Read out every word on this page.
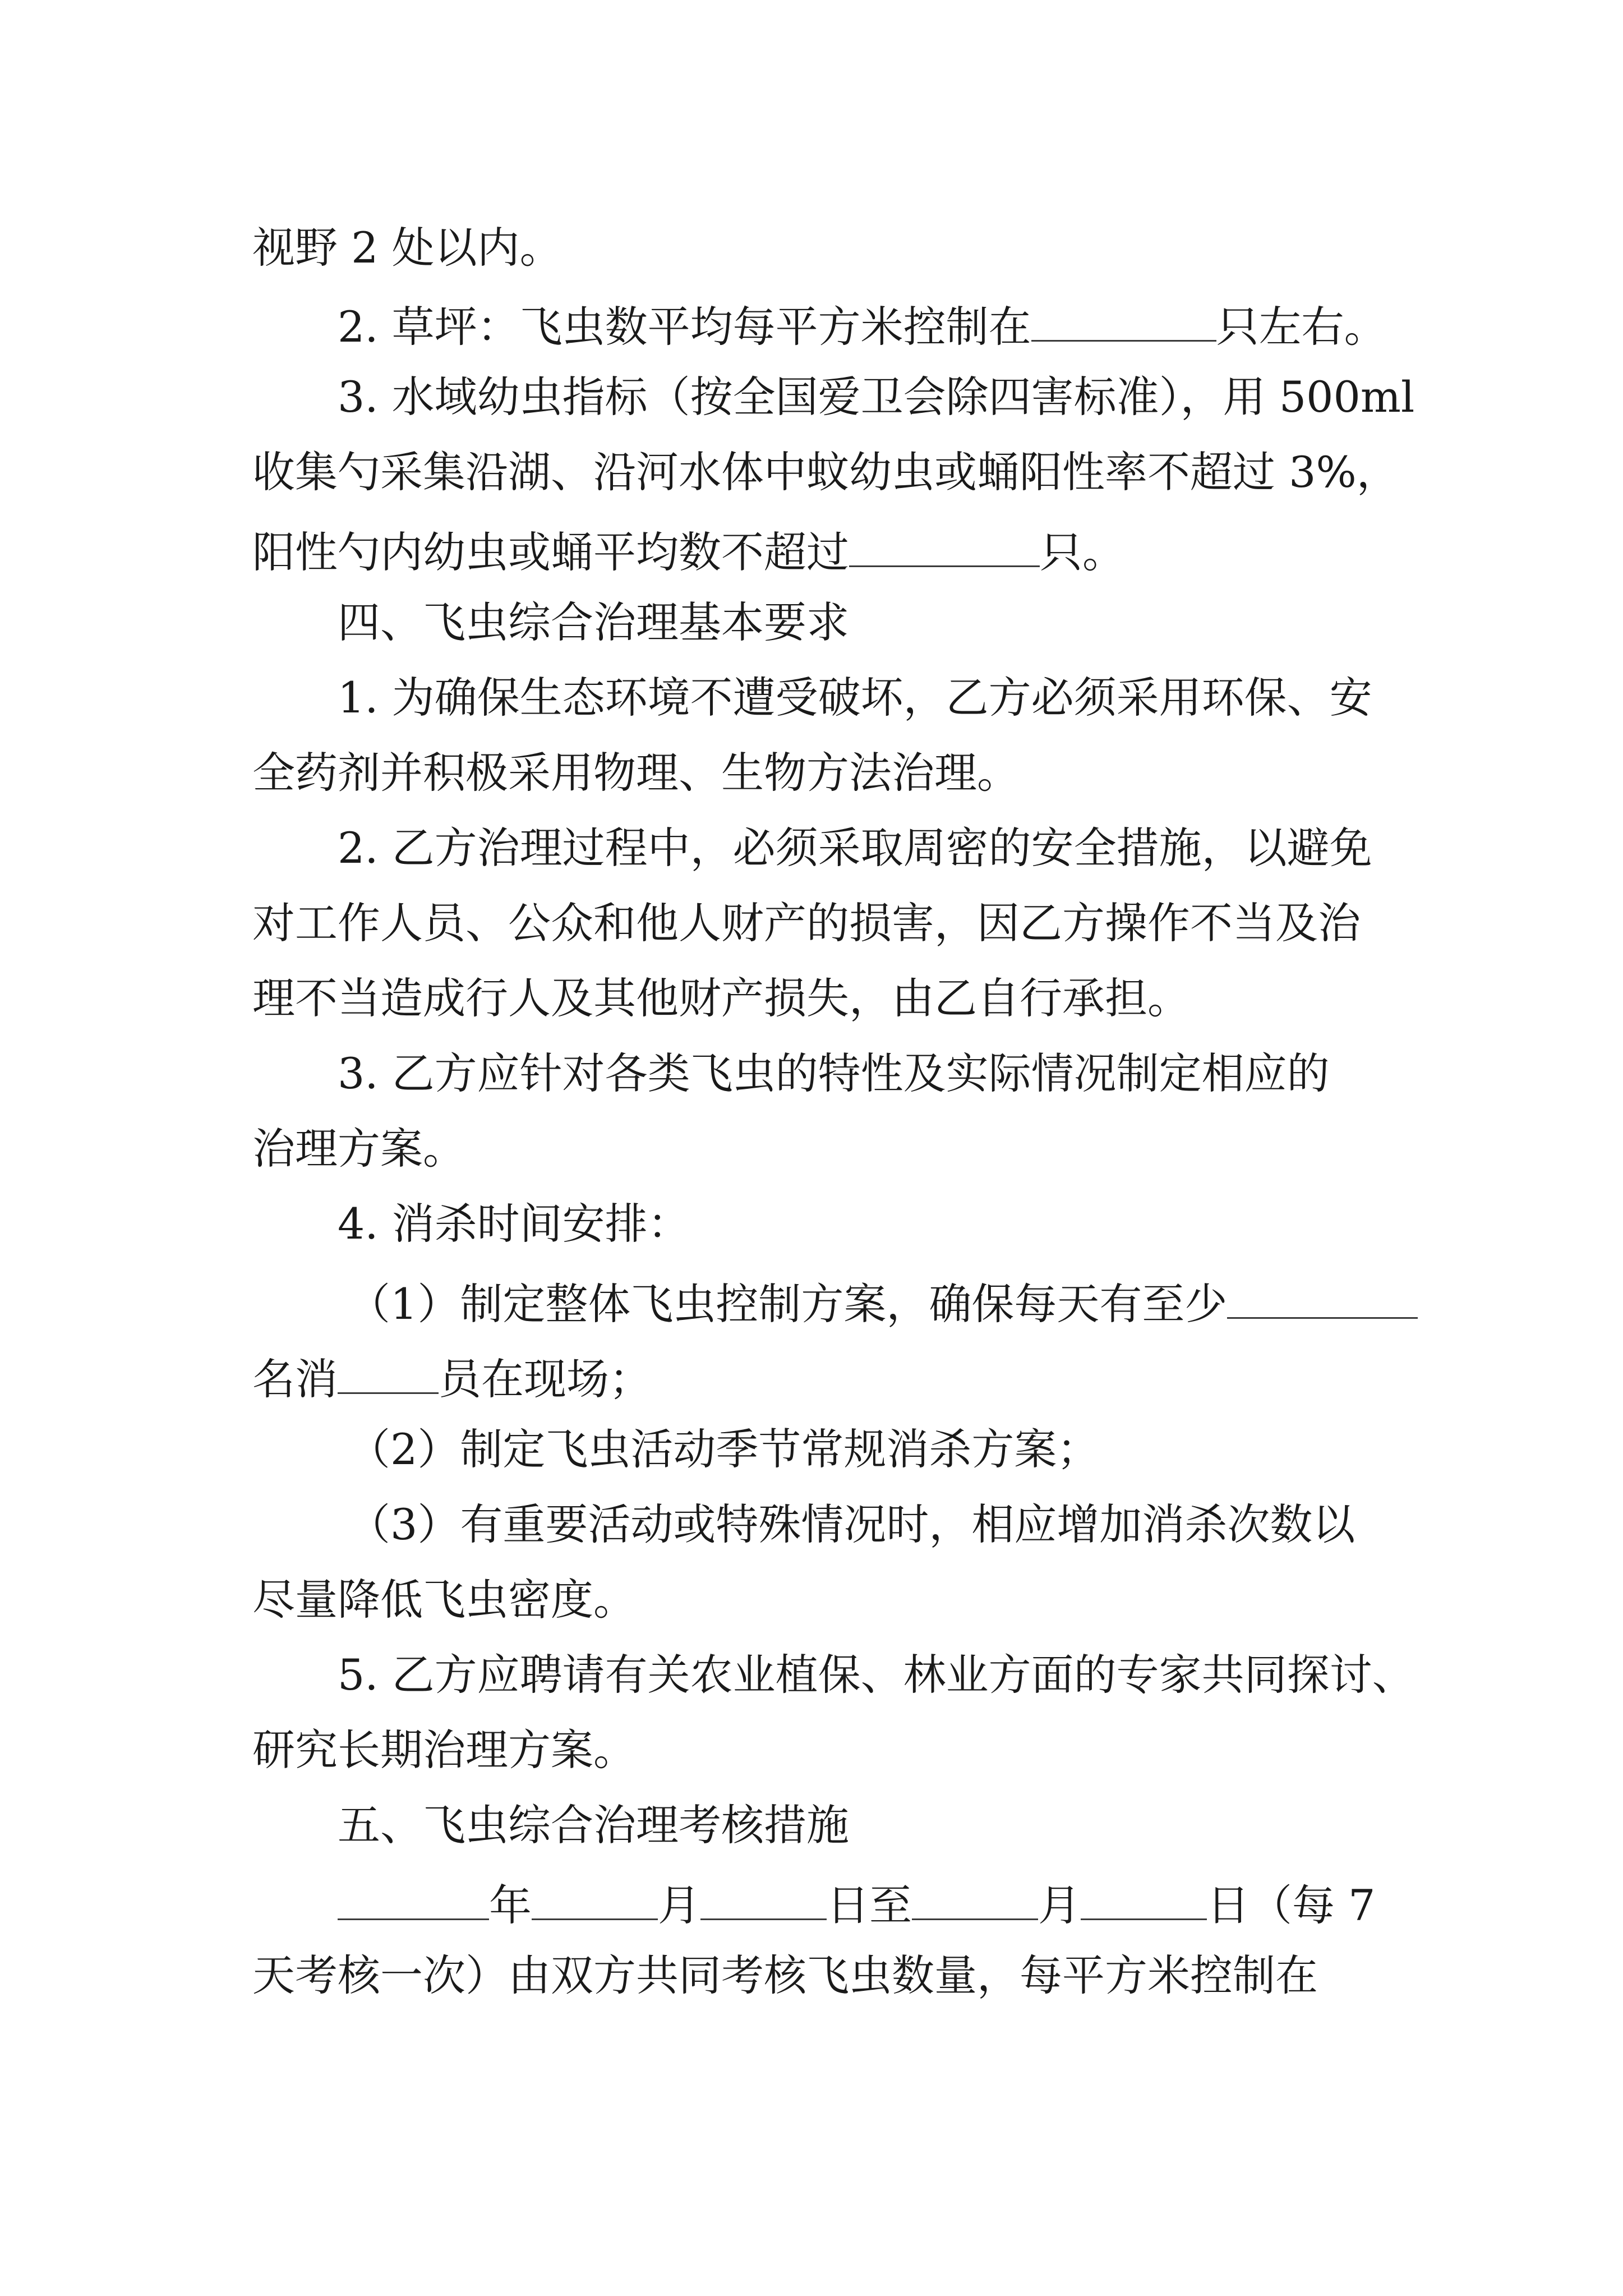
视野 2 处以内。
2. 草坪：飞虫数平均每平方米控制在	只左右。
3. 水域幼虫指标（按全国爱卫会除四害标准），用 500ml
收集勺采集沿湖、沿河水体中蚊幼虫或蛹阳性率不超过 3%，
阳性勺内幼虫或蛹平均数不超过	只。
四、飞虫综合治理基本要求
1. 为确保生态环境不遭受破坏，乙方必须采用环保、安
全药剂并积极采用物理、生物方法治理。
2. 乙方治理过程中，必须采取周密的安全措施，以避免
对工作人员、公众和他人财产的损害，因乙方操作不当及治
理不当造成行人及其他财产损失，由乙自行承担。
3. 乙方应针对各类飞虫的特性及实际情况制定相应的
治理方案。
4. 消杀时间安排：
（1）制定整体飞虫控制方案，确保每天有至少
名消 员在现场；
（2）制定飞虫活动季节常规消杀方案；
（3）有重要活动或特殊情况时，相应增加消杀次数以
尽量降低飞虫密度。
5. 乙方应聘请有关农业植保、林业方面的专家共同探讨、
研究长期治理方案。
五、飞虫综合治理考核措施
年	月	日至	月	日（每 7
天考核一次）由双方共同考核飞虫数量，每平方米控制在
